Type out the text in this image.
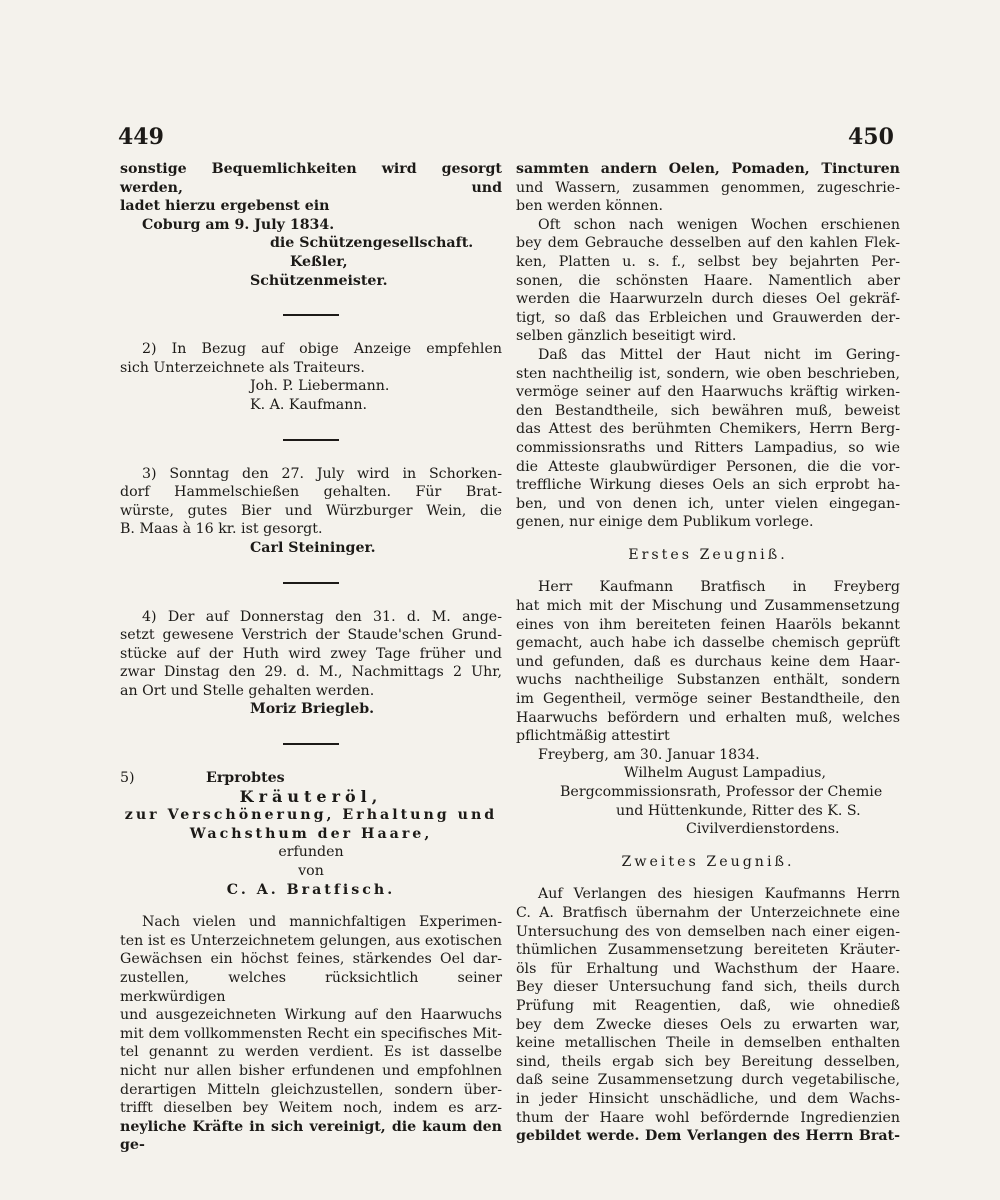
449	450
sonstige Bequemlichkeiten wird gesorgt werden, und
ladet hierzu ergebenst ein
Coburg am 9. July 1834.
die Schützengesellschaft.
Keßler,
Schützenmeister.
2) In Bezug auf obige Anzeige empfehlen
sich Unterzeichnete als Traiteurs.
Joh. P. Liebermann.
K. A. Kaufmann.
3) Sonntag den 27. July wird in Schorken-
dorf Hammelschießen gehalten. Für Brat-
würste, gutes Bier und Würzburger Wein, die
B. Maas à 16 kr. ist gesorgt.
Carl Steininger.
4) Der auf Donnerstag den 31. d. M. ange-
setzt gewesene Verstrich der Staude'schen Grund-
stücke auf der Huth wird zwey Tage früher und
zwar Dinstag den 29. d. M., Nachmittags 2 Uhr,
an Ort und Stelle gehalten werden.
Moriz Briegleb.
5)	Erprobtes
Kräuteröl,
zur Verschönerung, Erhaltung und
Wachsthum der Haare,
erfunden
von
C. A. Bratfisch.
Nach vielen und mannichfaltigen Experimen-
ten ist es Unterzeichnetem gelungen, aus exotischen
Gewächsen ein höchst feines, stärkendes Oel dar-
zustellen, welches rücksichtlich seiner merkwürdigen
und ausgezeichneten Wirkung auf den Haarwuchs
mit dem vollkommensten Recht ein specifisches Mit-
tel genannt zu werden verdient. Es ist dasselbe
nicht nur allen bisher erfundenen und empfohlnen
derartigen Mitteln gleichzustellen, sondern über-
trifft dieselben bey Weitem noch, indem es arz-
neyliche Kräfte in sich vereinigt, die kaum den ge-
sammten andern Oelen, Pomaden, Tincturen
und Wassern, zusammen genommen, zugeschrie-
ben werden können.
Oft schon nach wenigen Wochen erschienen
bey dem Gebrauche desselben auf den kahlen Flek-
ken, Platten u. s. f., selbst bey bejahrten Per-
sonen, die schönsten Haare. Namentlich aber
werden die Haarwurzeln durch dieses Oel gekräf-
tigt, so daß das Erbleichen und Grauwerden der-
selben gänzlich beseitigt wird.
Daß das Mittel der Haut nicht im Gering-
sten nachtheilig ist, sondern, wie oben beschrieben,
vermöge seiner auf den Haarwuchs kräftig wirken-
den Bestandtheile, sich bewähren muß, beweist
das Attest des berühmten Chemikers, Herrn Berg-
commissionsraths und Ritters Lampadius, so wie
die Atteste glaubwürdiger Personen, die die vor-
treffliche Wirkung dieses Oels an sich erprobt ha-
ben, und von denen ich, unter vielen eingegan-
genen, nur einige dem Publikum vorlege.
Erstes Zeugniß.
Herr Kaufmann Bratfisch in Freyberg
hat mich mit der Mischung und Zusammensetzung
eines von ihm bereiteten feinen Haaröls bekannt
gemacht, auch habe ich dasselbe chemisch geprüft
und gefunden, daß es durchaus keine dem Haar-
wuchs nachtheilige Substanzen enthält, sondern
im Gegentheil, vermöge seiner Bestandtheile, den
Haarwuchs befördern und erhalten muß, welches
pflichtmäßig attestirt
Freyberg, am 30. Januar 1834.
Wilhelm August Lampadius,
Bergcommissionsrath, Professor der Chemie
und Hüttenkunde, Ritter des K. S.
Civilverdienstordens.
Zweites Zeugniß.
Auf Verlangen des hiesigen Kaufmanns Herrn
C. A. Bratfisch übernahm der Unterzeichnete eine
Untersuchung des von demselben nach einer eigen-
thümlichen Zusammensetzung bereiteten Kräuter-
öls für Erhaltung und Wachsthum der Haare.
Bey dieser Untersuchung fand sich, theils durch
Prüfung mit Reagentien, daß, wie ohnedieß
bey dem Zwecke dieses Oels zu erwarten war,
keine metallischen Theile in demselben enthalten
sind, theils ergab sich bey Bereitung desselben,
daß seine Zusammensetzung durch vegetabilische,
in jeder Hinsicht unschädliche, und dem Wachs-
thum der Haare wohl befördernde Ingredienzien
gebildet werde. Dem Verlangen des Herrn Brat-
